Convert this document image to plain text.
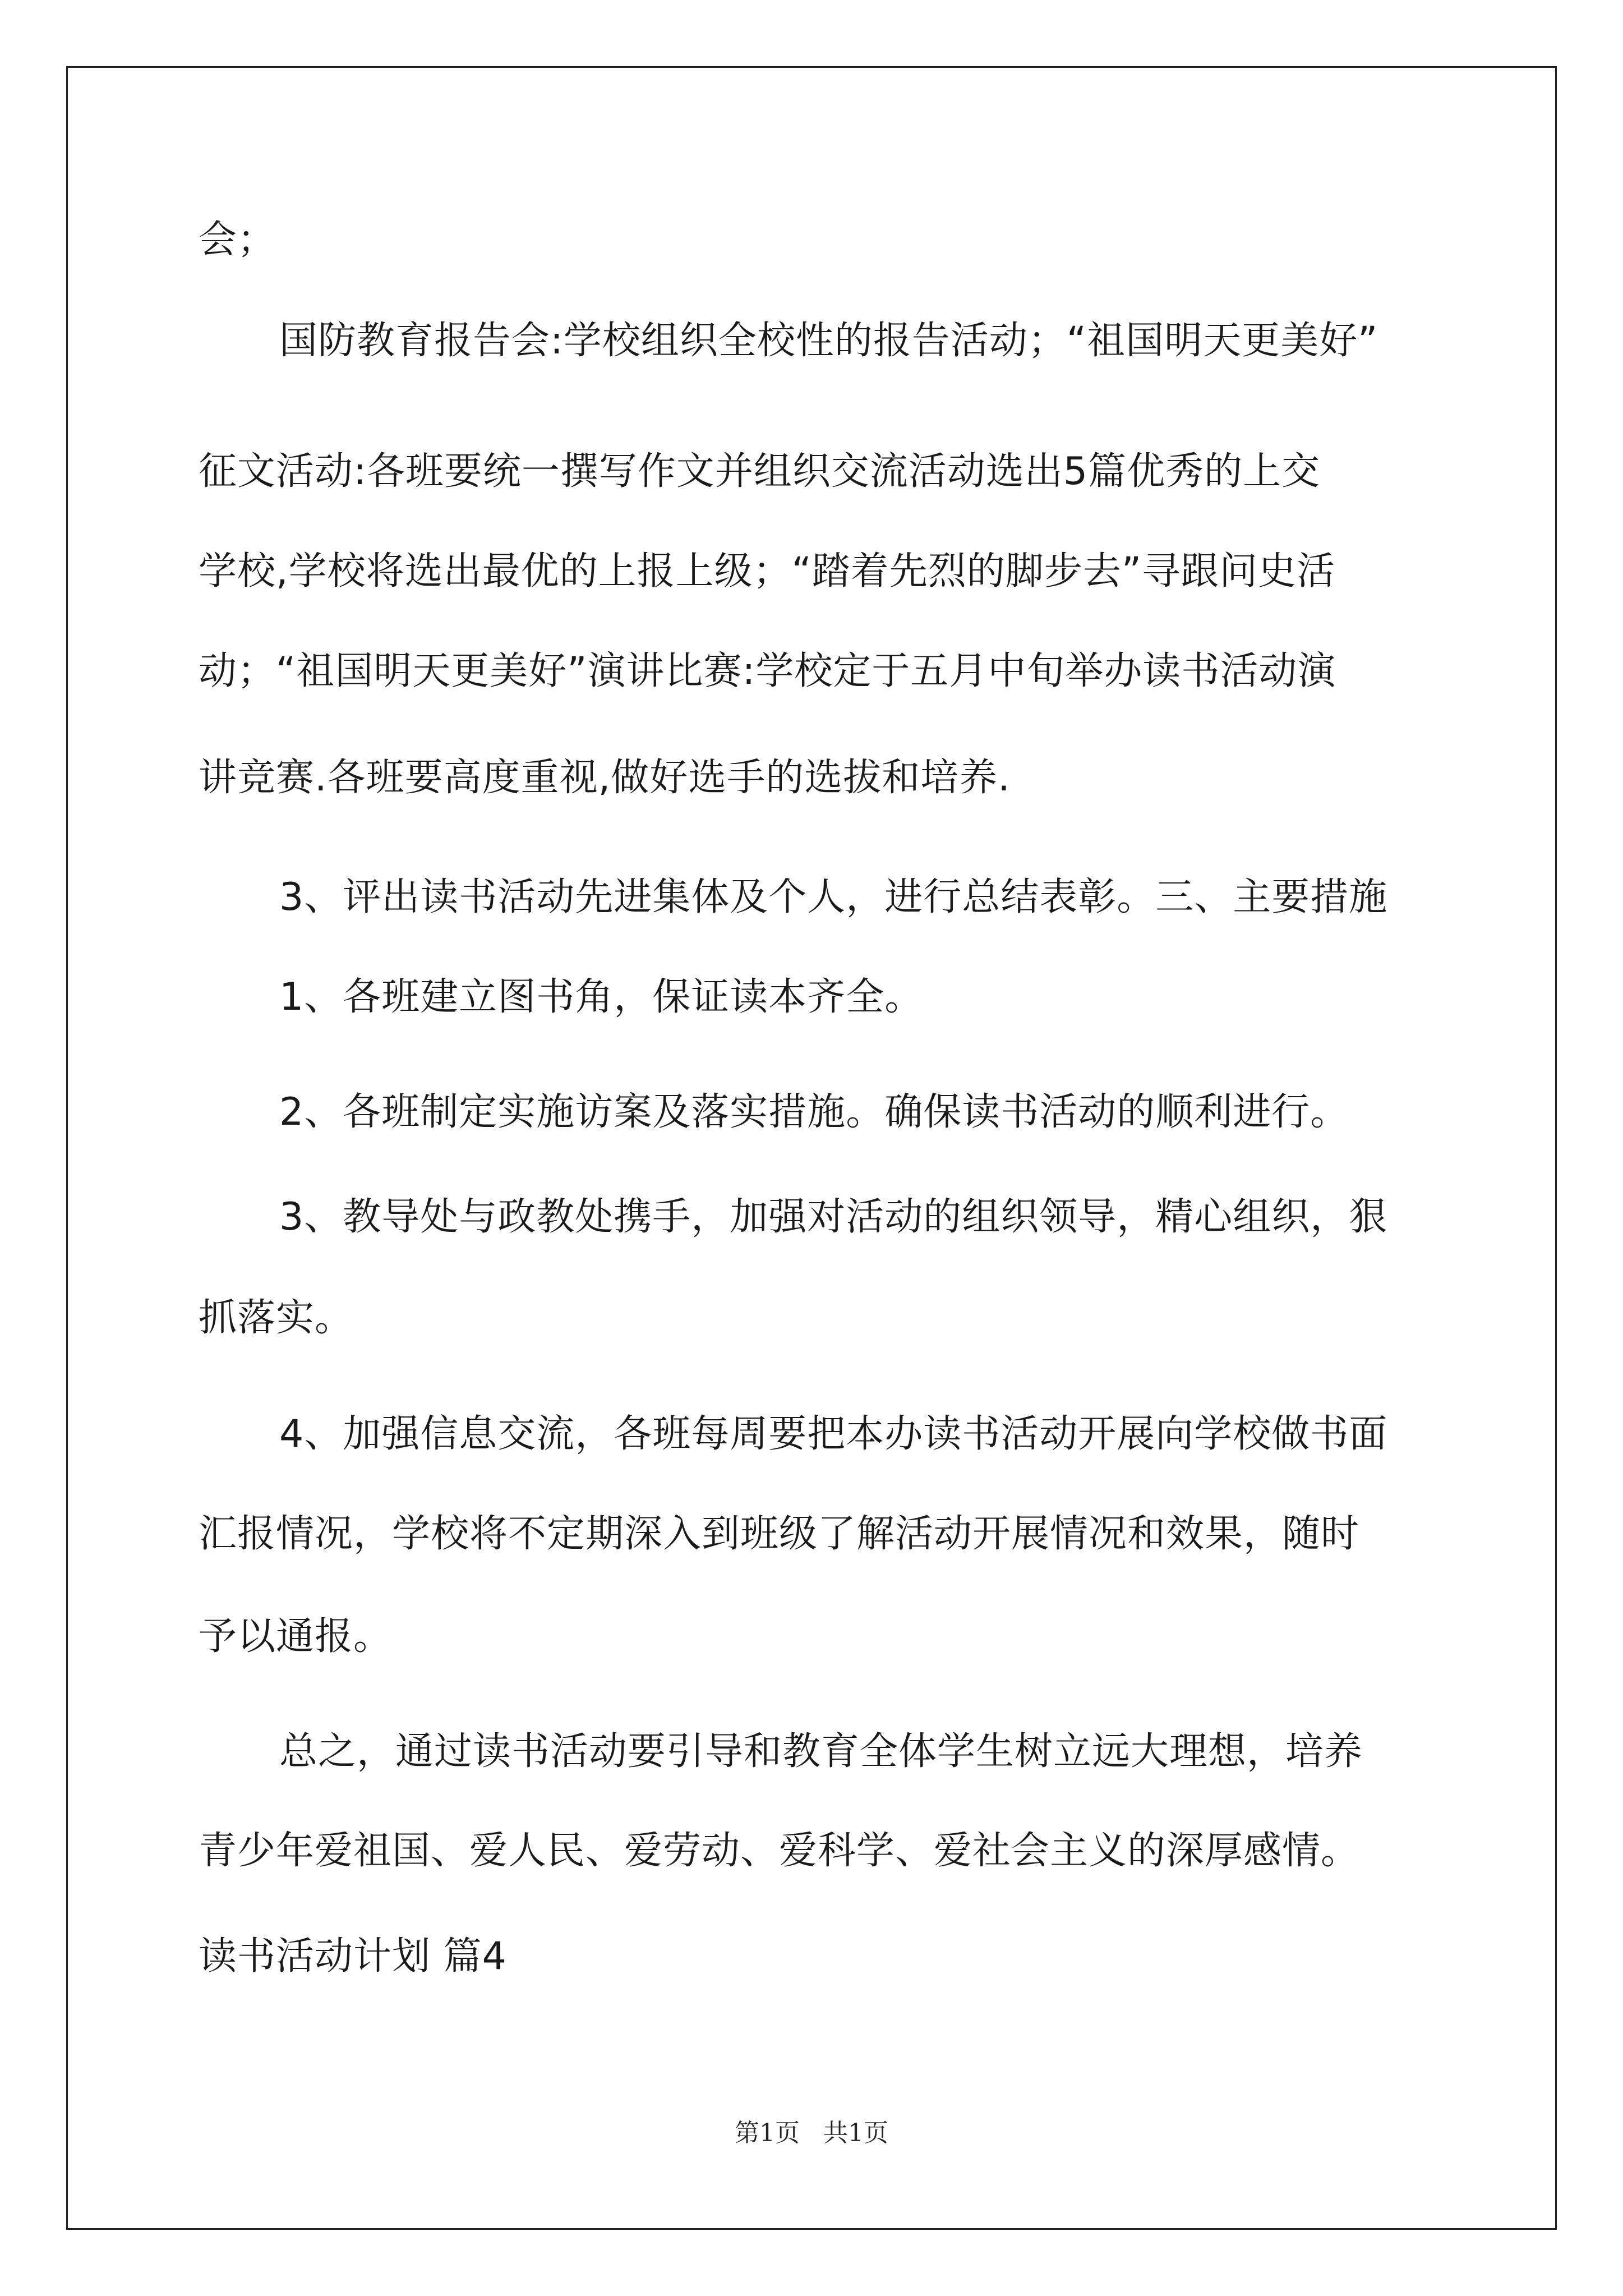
会；
国防教育报告会:学校组织全校性的报告活动；“祖国明天更美好”
征文活动:各班要统一撰写作文并组织交流活动选出5篇优秀的上交
学校,学校将选出最优的上报上级；“踏着先烈的脚步去”寻跟问史活
动；“祖国明天更美好”演讲比赛:学校定于五月中旬举办读书活动演
讲竞赛.各班要高度重视,做好选手的选拔和培养.
3、评出读书活动先进集体及个人，进行总结表彰。三、主要措施
1、各班建立图书角，保证读本齐全。
2、各班制定实施访案及落实措施。确保读书活动的顺利进行。
3、教导处与政教处携手，加强对活动的组织领导，精心组织，狠
抓落实。
4、加强信息交流，各班每周要把本办读书活动开展向学校做书面
汇报情况，学校将不定期深入到班级了解活动开展情况和效果，随时
予以通报。
总之，通过读书活动要引导和教育全体学生树立远大理想，培养
青少年爱祖国、爱人民、爱劳动、爱科学、爱社会主义的深厚感情。
读书活动计划 篇4
第1页   共1页
